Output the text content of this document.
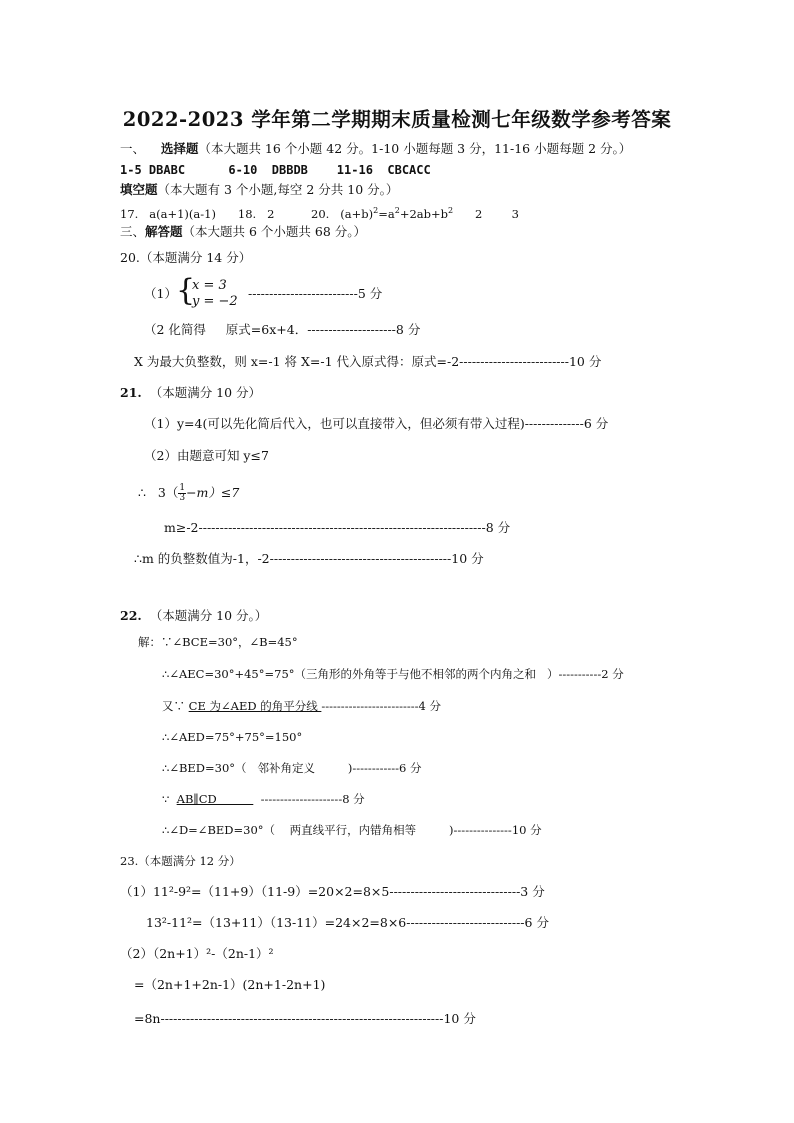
2022-2023 学年第二学期期末质量检测七年级数学参考答案
一、 选择题（本大题共 16 个小题 42 分。1-10 小题每题 3 分，11-16 小题每题 2 分。）
1-5 DBABC	6-10 DBBDB 11-16 CBCACC
填空题（本大题有 3 个小题,每空 2 分共 10 分。）
17. a(a+1)(a-1) 18. 2	20. $(a+b)^2=a^2+2ab+b^2$ 2	3
三、解答题（本大题共 6 个小题共 68 分。）
20.（本题满分 14 分）
（1） {
x = 3
y = −2
--------------------------5 分
（2 化简得     原式=6x+4．---------------------8 分
X 为最大负整数，则 x=-1 将 X=-1 代入原式得：原式=-2--------------------------10 分
21. （本题满分 10 分）
（1）y=4(可以先化简后代入，也可以直接带入，但必须有带入过程)--------------6 分
（2）由题意可知 y≤7
∴   $3( \frac{1}{3} -m)\le 7$
m≥-2--------------------------------------------------------------------8 分
∴m 的负整数值为-1，-2-------------------------------------------10 分
22. （本题满分 10 分。）
解：∵∠BCE=30°，∠B=45°
∴∠AEC=30°+45°=75°（三角形的外角等于与他不相邻的两个内角之和   ）-----------2 分
又∵ CE 为∠AED 的角平分线 -------------------------4 分
∴∠AED=75°+75°=150°
∴∠BED=30°（   邻补角定义         )------------6 分
∵  AB∥CD            ---------------------8 分
∴∠D=∠BED=30°（    两直线平行，内错角相等         )---------------10 分
23.（本题满分 12 分）
（1）11²-9²=（11+9）（11-9）=20×2=8×5-------------------------------3 分
13²-11²=（13+11）（13-11）=24×2=8×6----------------------------6 分
（2）（2n+1）²-（2n-1）²
=（2n+1+2n-1）(2n+1-2n+1)
=8n-------------------------------------------------------------------10 分
